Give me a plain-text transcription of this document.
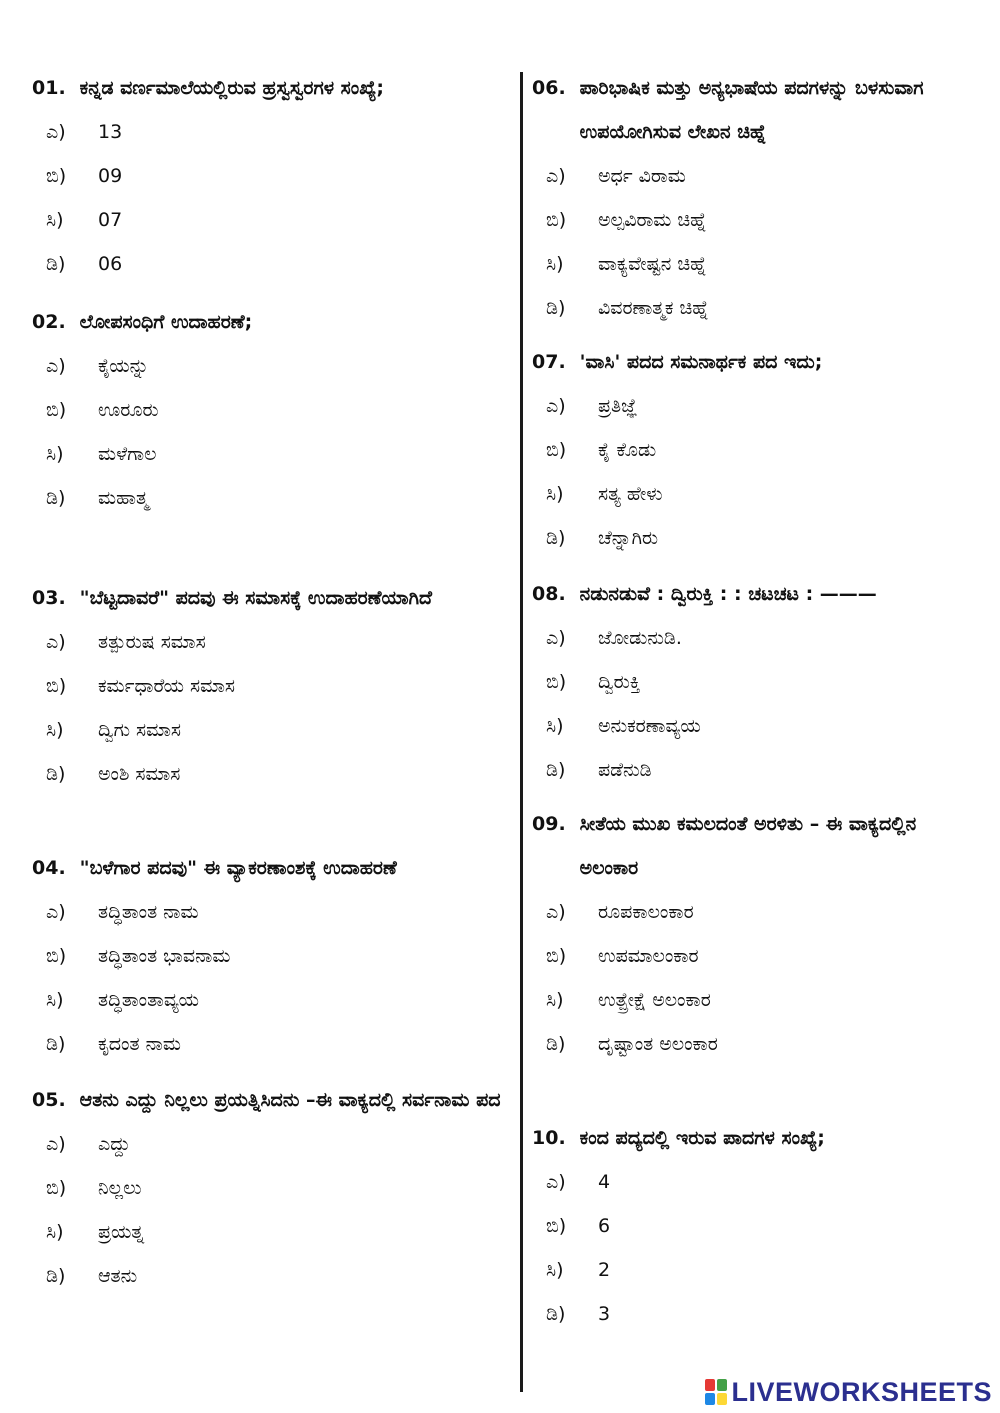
01. ಕನ್ನಡ ವರ್ಣಮಾಲೆಯಲ್ಲಿರುವ ಹ್ರಸ್ವಸ್ವರಗಳ ಸಂಖ್ಯೆ;
ಎ)	13
ಬಿ)	09
ಸಿ)	07
ಡಿ)	06
02. ಲೋಪಸಂಧಿಗೆ ಉದಾಹರಣೆ;
ಎ)	ಕೈಯನ್ನು
ಬಿ)	ಊರೂರು
ಸಿ)	ಮಳೆಗಾಲ
ಡಿ)	ಮಹಾತ್ಮ
03. "ಬೆಟ್ಟದಾವರೆ" ಪದವು ಈ ಸಮಾಸಕ್ಕೆ ಉದಾಹರಣೆಯಾಗಿದೆ
ಎ)	ತತ್ಪುರುಷ ಸಮಾಸ
ಬಿ)	ಕರ್ಮಧಾರೆಯ ಸಮಾಸ
ಸಿ)	ದ್ವಿಗು ಸಮಾಸ
ಡಿ)	ಅಂಶಿ ಸಮಾಸ
04. "ಬಳೆಗಾರ ಪದವು" ಈ ವ್ಯಾಕರಣಾಂಶಕ್ಕೆ ಉದಾಹರಣೆ
ಎ)	ತದ್ಧಿತಾಂತ ನಾಮ
ಬಿ)	ತದ್ಧಿತಾಂತ ಭಾವನಾಮ
ಸಿ)	ತದ್ಧಿತಾಂತಾವ್ಯಯ
ಡಿ)	ಕೃದಂತ ನಾಮ
05. ಆತನು ಎದ್ದು ನಿಲ್ಲಲು ಪ್ರಯತ್ನಿಸಿದನು –ಈ ವಾಕ್ಯದಲ್ಲಿ ಸರ್ವನಾಮ ಪದ
ಎ)	ಎದ್ದು
ಬಿ)	ನಿಲ್ಲಲು
ಸಿ)	ಪ್ರಯತ್ನ
ಡಿ)	ಆತನು
06. ಪಾರಿಭಾಷಿಕ ಮತ್ತು ಅನ್ಯಭಾಷೆಯ ಪದಗಳನ್ನು ಬಳಸುವಾಗ ಉಪಯೋಗಿಸುವ ಲೇಖನ ಚಿಹ್ನೆ
ಎ)	ಅರ್ಧ ವಿರಾಮ
ಬಿ)	ಅಲ್ಪವಿರಾಮ ಚಿಹ್ನೆ
ಸಿ)	ವಾಕ್ಯವೇಷ್ಟನ ಚಿಹ್ನೆ
ಡಿ)	ವಿವರಣಾತ್ಮಕ ಚಿಹ್ನೆ
07. 'ವಾಸಿ' ಪದದ ಸಮನಾರ್ಥಕ ಪದ ಇದು;
ಎ)	ಪ್ರತಿಜ್ಞೆ
ಬಿ)	ಕೈ ಕೊಡು
ಸಿ)	ಸತ್ಯ ಹೇಳು
ಡಿ)	ಚೆನ್ನಾಗಿರು
08. ನಡುನಡುವೆ : ದ್ವಿರುಕ್ತಿ : : ಚಟಚಟ : ———
ಎ)	ಜೋಡುನುಡಿ.
ಬಿ)	ದ್ವಿರುಕ್ತಿ
ಸಿ)	ಅನುಕರಣಾವ್ಯಯ
ಡಿ)	ಪಡೆನುಡಿ
09. ಸೀತೆಯ ಮುಖ ಕಮಲದಂತೆ ಅರಳಿತು – ಈ ವಾಕ್ಯದಲ್ಲಿನ ಅಲಂಕಾರ
ಎ)	ರೂಪಕಾಲಂಕಾರ
ಬಿ)	ಉಪಮಾಲಂಕಾರ
ಸಿ)	ಉತ್ಪ್ರೇಕ್ಷೆ ಅಲಂಕಾರ
ಡಿ)	ದೃಷ್ಟಾಂತ ಅಲಂಕಾರ
10. ಕಂದ ಪದ್ಯದಲ್ಲಿ ಇರುವ ಪಾದಗಳ ಸಂಖ್ಯೆ;
ಎ)	4
ಬಿ)	6
ಸಿ)	2
ಡಿ)	3
LIVEWORKSHEETS
